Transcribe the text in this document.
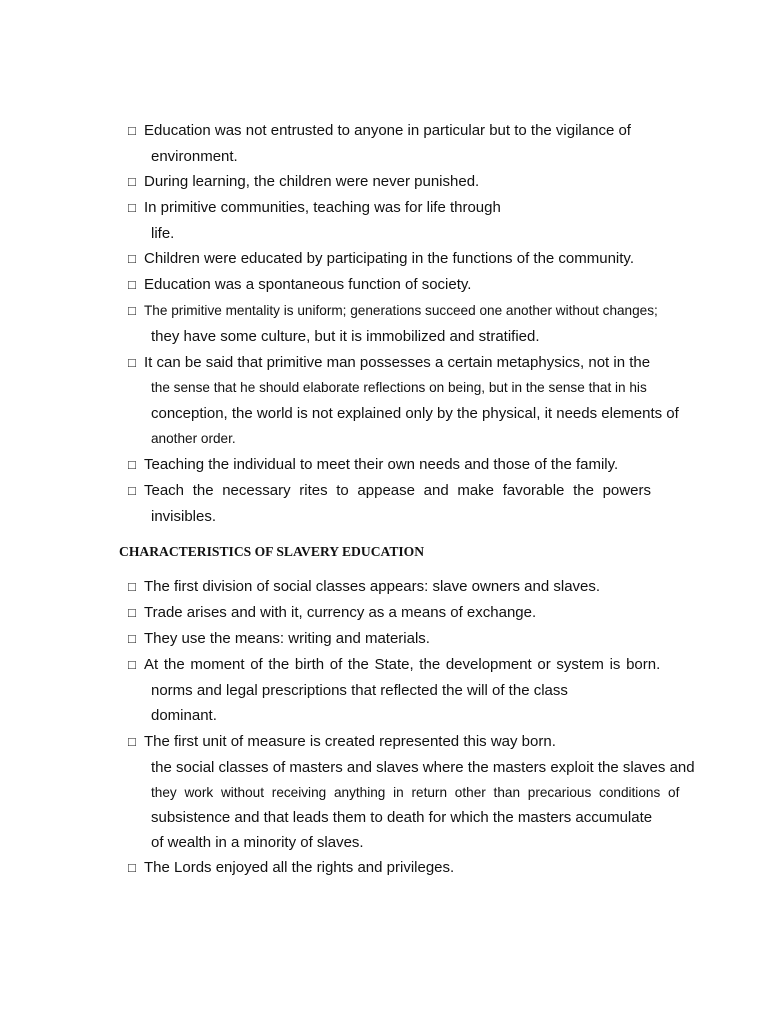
□ Education was not entrusted to anyone in particular but to the vigilance of
environment.
□ During learning, the children were never punished.
□ In primitive communities, teaching was for life through
life.
□ Children were educated by participating in the functions of the community.
□ Education was a spontaneous function of society.
□ The primitive mentality is uniform; generations succeed one another without changes;
they have some culture, but it is immobilized and stratified.
□ It can be said that primitive man possesses a certain metaphysics, not in the
the sense that he should elaborate reflections on being, but in the sense that in his
conception, the world is not explained only by the physical, it needs elements of
another order.
□ Teaching the individual to meet their own needs and those of the family.
□ Teach the necessary rites to appease and make favorable the powers
invisibles.
CHARACTERISTICS OF SLAVERY EDUCATION
□ The first division of social classes appears: slave owners and slaves.
□ Trade arises and with it, currency as a means of exchange.
□ They use the means: writing and materials.
□ At the moment of the birth of the State, the development or system is born.
norms and legal prescriptions that reflected the will of the class
dominant.
□ The first unit of measure is created represented this way born.
the social classes of masters and slaves where the masters exploit the slaves and
they work without receiving anything in return other than precarious conditions of
subsistence and that leads them to death for which the masters accumulate
of wealth in a minority of slaves.
□ The Lords enjoyed all the rights and privileges.
